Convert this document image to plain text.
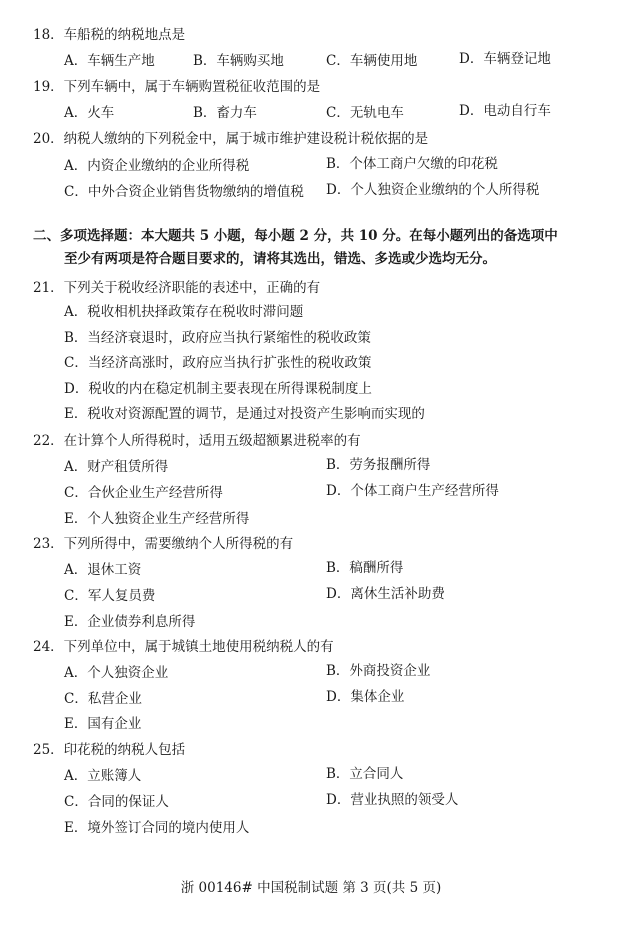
18．车船税的纳税地点是
A．车辆生产地	B．车辆购买地	C．车辆使用地	D．车辆登记地
19．下列车辆中，属于车辆购置税征收范围的是
A．火车	B．畜力车	C．无轨电车	D．电动自行车
20．纳税人缴纳的下列税金中，属于城市维护建设税计税依据的是
A．内资企业缴纳的企业所得税	B．个体工商户欠缴的印花税
C．中外合资企业销售货物缴纳的增值税 D．个人独资企业缴纳的个人所得税
二、多项选择题：本大题共 5 小题，每小题 2 分，共 10 分。在每小题列出的备选项中
至少有两项是符合题目要求的，请将其选出，错选、多选或少选均无分。
21．下列关于税收经济职能的表述中，正确的有
A．税收相机抉择政策存在税收时滞问题
B．当经济衰退时，政府应当执行紧缩性的税收政策
C．当经济高涨时，政府应当执行扩张性的税收政策
D．税收的内在稳定机制主要表现在所得课税制度上
E．税收对资源配置的调节，是通过对投资产生影响而实现的
22．在计算个人所得税时，适用五级超额累进税率的有
A．财产租赁所得	B．劳务报酬所得
C．合伙企业生产经营所得	D．个体工商户生产经营所得
E．个人独资企业生产经营所得
23．下列所得中，需要缴纳个人所得税的有
A．退休工资	B．稿酬所得
C．军人复员费	D．离休生活补助费
E．企业债券利息所得
24．下列单位中，属于城镇土地使用税纳税人的有
A．个人独资企业	B．外商投资企业
C．私营企业	D．集体企业
E．国有企业
25．印花税的纳税人包括
A．立账簿人	B．立合同人
C．合同的保证人	D．营业执照的领受人
E．境外签订合同的境内使用人
浙 00146# 中国税制试题 第 3 页(共 5 页)
